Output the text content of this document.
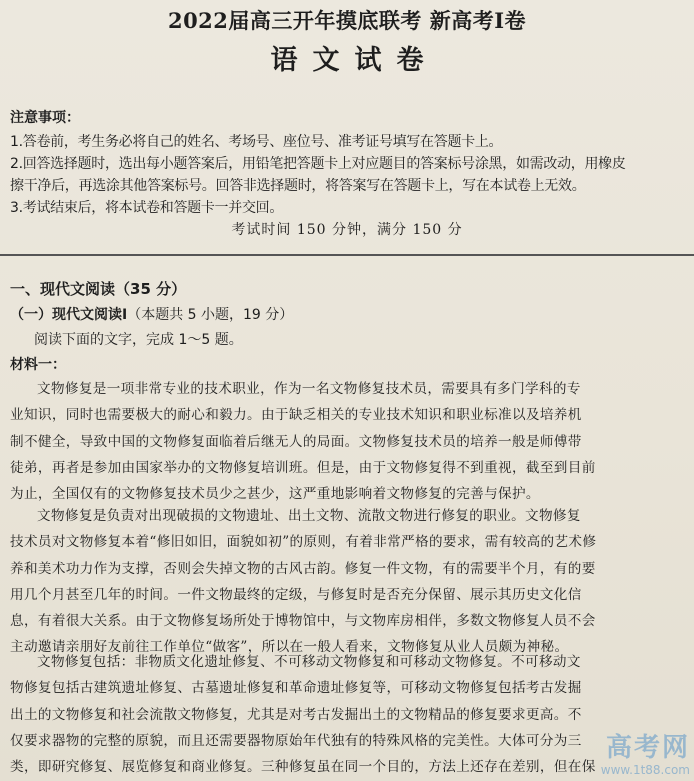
2022届高三开年摸底联考 新高考Ⅰ卷
语文试卷
注意事项：
1.答卷前，考生务必将自己的姓名、考场号、座位号、准考证号填写在答题卡上。
2.回答选择题时，选出每小题答案后，用铅笔把答题卡上对应题目的答案标号涂黑，如需改动，用橡皮
擦干净后，再选涂其他答案标号。回答非选择题时，将答案写在答题卡上，写在本试卷上无效。
3.考试结束后，将本试卷和答题卡一并交回。
考试时间 150 分钟，满分 150 分
一、现代文阅读（35 分）
（一）现代文阅读Ⅰ（本题共 5 小题，19 分）
阅读下面的文字，完成 1～5 题。
材料一：
文物修复是一项非常专业的技术职业，作为一名文物修复技术员，需要具有多门学科的专
业知识，同时也需要极大的耐心和毅力。由于缺乏相关的专业技术知识和职业标准以及培养机
制不健全，导致中国的文物修复面临着后继无人的局面。文物修复技术员的培养一般是师傅带
徒弟，再者是参加由国家举办的文物修复培训班。但是，由于文物修复得不到重视，截至到目前
为止，全国仅有的文物修复技术员少之甚少，这严重地影响着文物修复的完善与保护。
文物修复是负责对出现破损的文物遗址、出土文物、流散文物进行修复的职业。文物修复
技术员对文物修复本着“修旧如旧，面貌如初”的原则，有着非常严格的要求，需有较高的艺术修
养和美术功力作为支撑，否则会失掉文物的古风古韵。修复一件文物，有的需要半个月，有的要
用几个月甚至几年的时间。一件文物最终的定级，与修复时是否充分保留、展示其历史文化信
息，有着很大关系。由于文物修复场所处于博物馆中，与文物库房相伴，多数文物修复人员不会
主动邀请亲朋好友前往工作单位“做客”，所以在一般人看来，文物修复从业人员颇为神秘。
文物修复包括：非物质文化遗址修复、不可移动文物修复和可移动文物修复。不可移动文
物修复包括古建筑遗址修复、古墓遗址修复和革命遗址修复等，可移动文物修复包括考古发掘
出土的文物修复和社会流散文物修复，尤其是对考古发掘出土的文物精品的修复要求更高。不
仅要求器物的完整的原貌，而且还需要器物原始年代独有的特殊风格的完美性。大体可分为三
类，即研究修复、展览修复和商业修复。三种修复虽在同一个目的，方法上还存在差别，但在保
高考网
www.1t88.com
